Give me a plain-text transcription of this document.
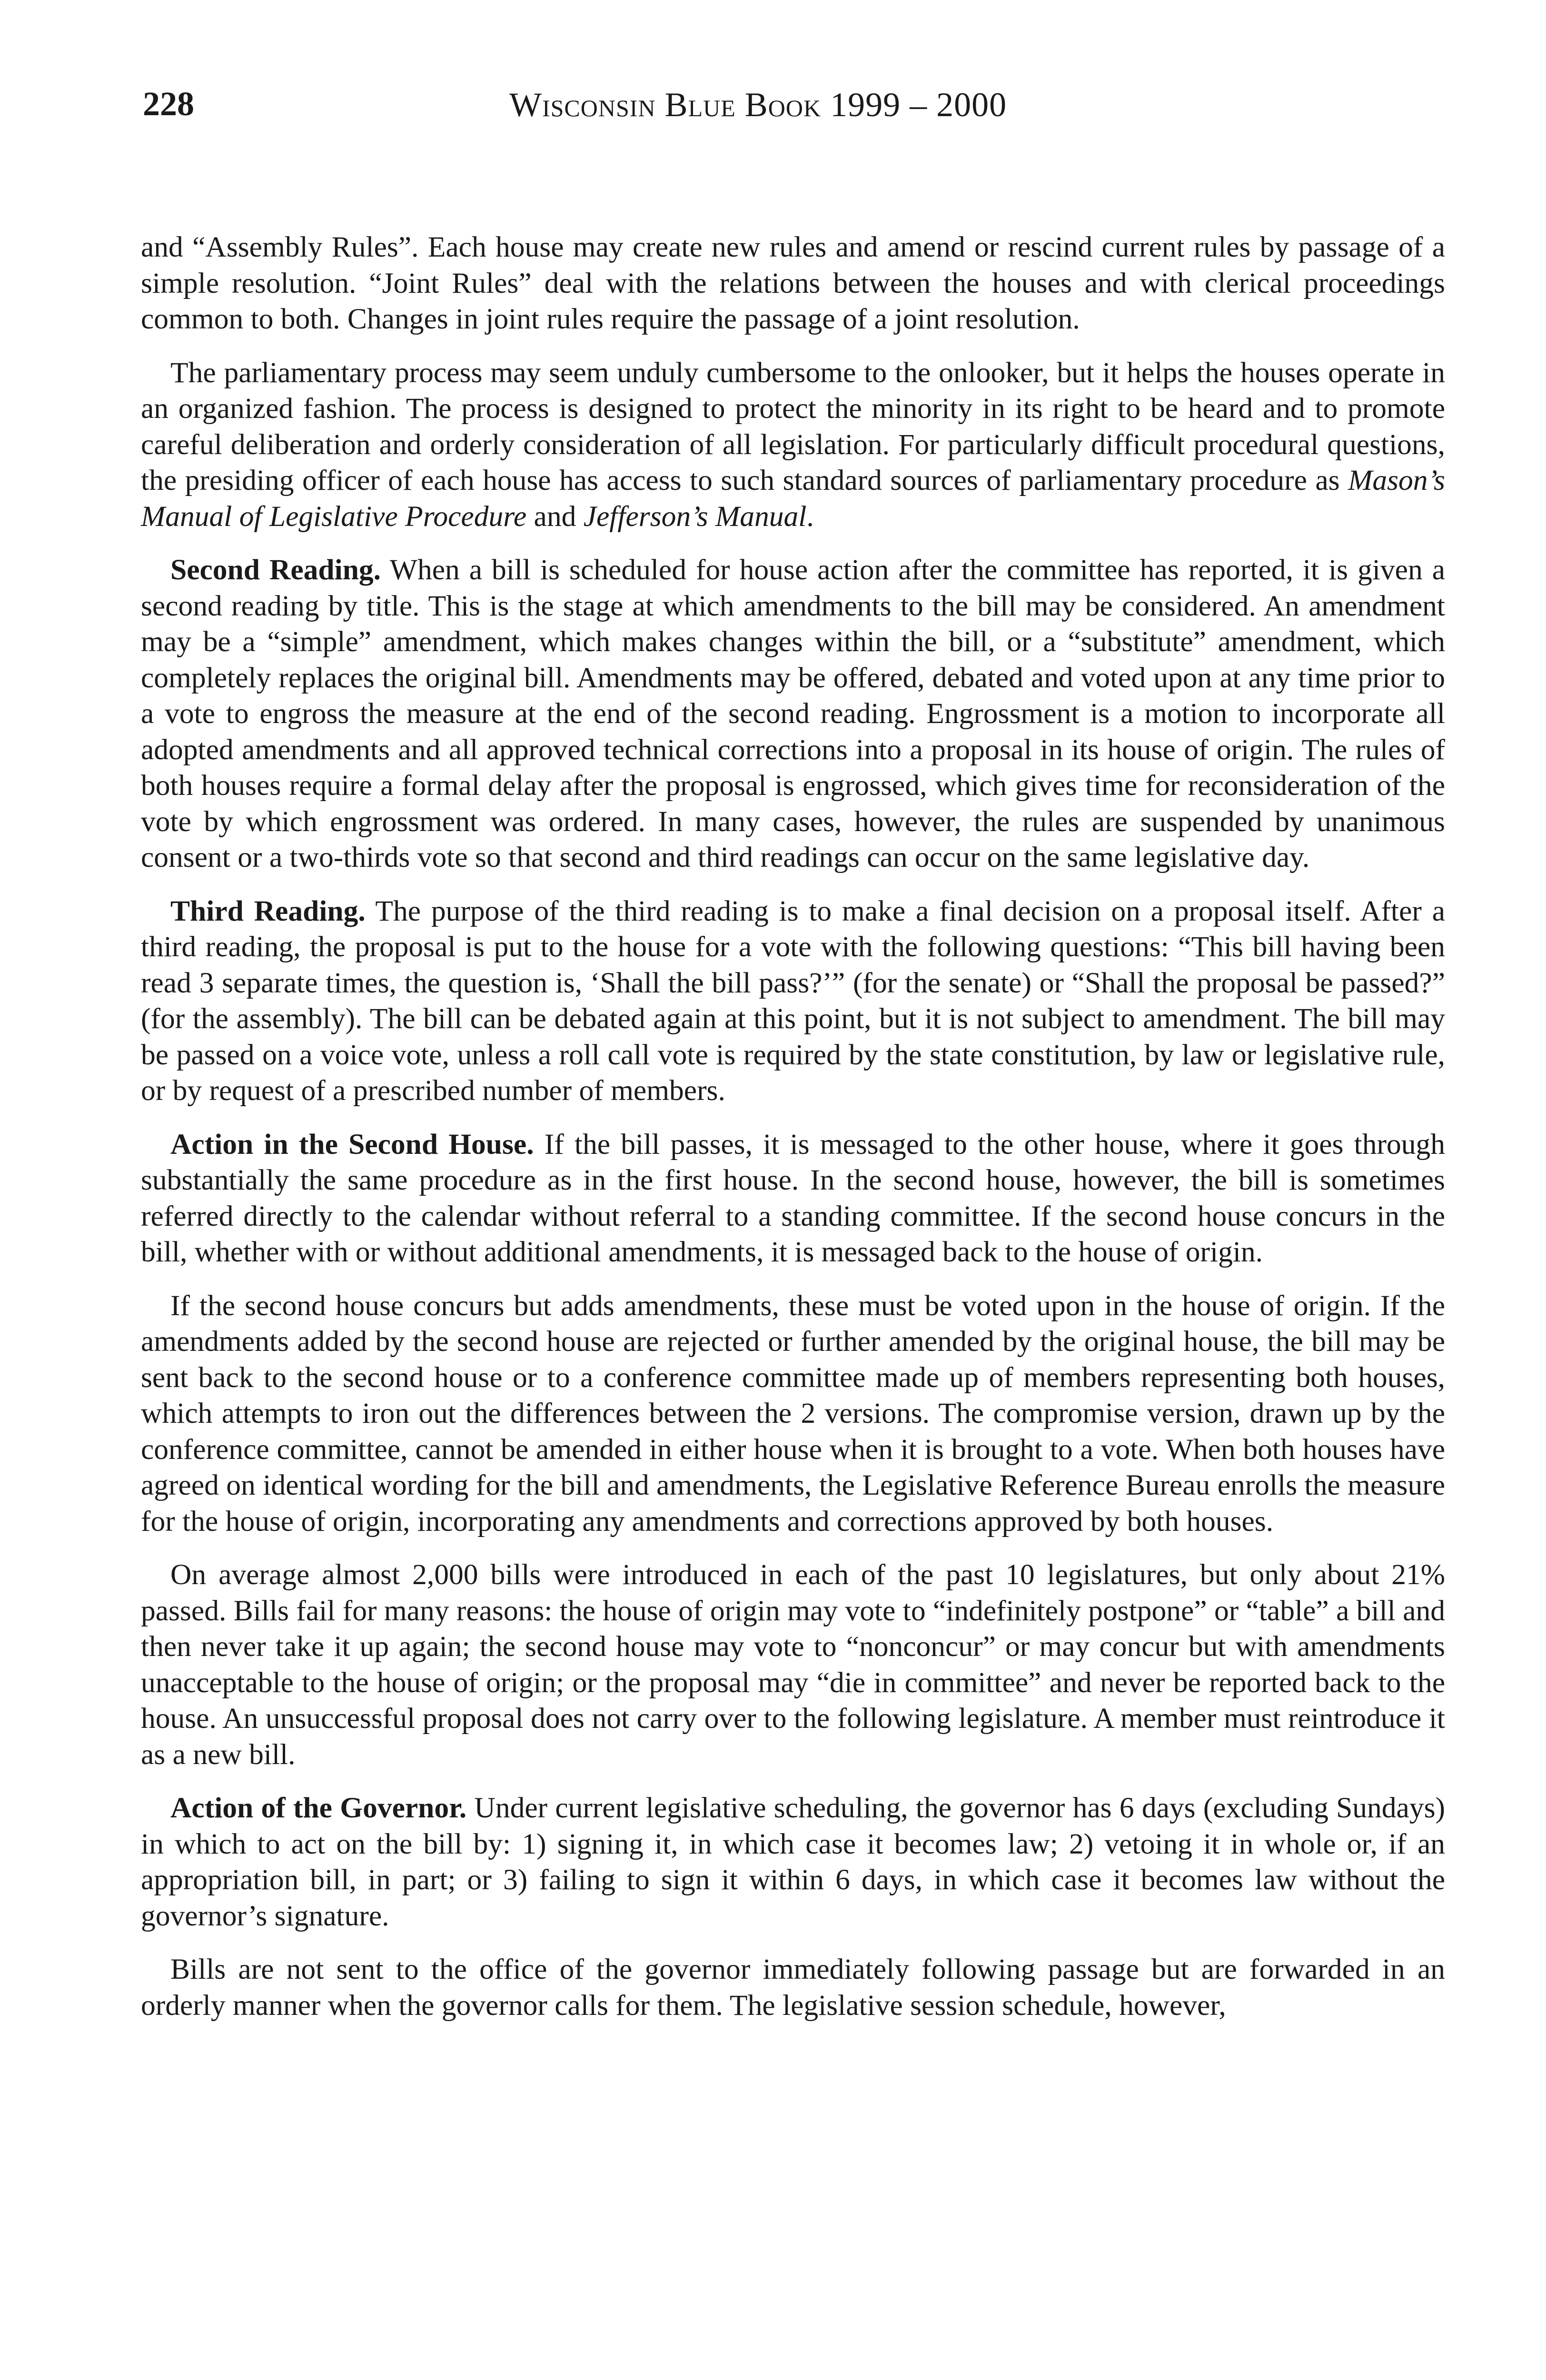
228	Wisconsin Blue Book 1999 – 2000

and “Assembly Rules”. Each house may create new rules and amend or rescind current rules by passage of a simple resolution. “Joint Rules” deal with the relations between the houses and with clerical proceedings common to both. Changes in joint rules require the passage of a joint resolution.

The parliamentary process may seem unduly cumbersome to the onlooker, but it helps the houses operate in an organized fashion. The process is designed to protect the minority in its right to be heard and to promote careful deliberation and orderly consideration of all legislation. For particularly difficult procedural questions, the presiding officer of each house has access to such standard sources of parliamentary procedure as Mason’s Manual of Legislative Procedure and Jefferson’s Manual.

Second Reading. When a bill is scheduled for house action after the committee has reported, it is given a second reading by title. This is the stage at which amendments to the bill may be considered. An amendment may be a “simple” amendment, which makes changes within the bill, or a “substitute” amendment, which completely replaces the original bill. Amendments may be offered, debated and voted upon at any time prior to a vote to engross the measure at the end of the second reading. Engrossment is a motion to incorporate all adopted amendments and all approved technical corrections into a proposal in its house of origin. The rules of both houses require a formal delay after the proposal is engrossed, which gives time for reconsideration of the vote by which engrossment was ordered. In many cases, however, the rules are suspended by unanimous consent or a two-thirds vote so that second and third readings can occur on the same legislative day.

Third Reading. The purpose of the third reading is to make a final decision on a proposal itself. After a third reading, the proposal is put to the house for a vote with the following questions: “This bill having been read 3 separate times, the question is, ‘Shall the bill pass?’” (for the senate) or “Shall the proposal be passed?” (for the assembly). The bill can be debated again at this point, but it is not subject to amendment. The bill may be passed on a voice vote, unless a roll call vote is required by the state constitution, by law or legislative rule, or by request of a prescribed number of members.

Action in the Second House. If the bill passes, it is messaged to the other house, where it goes through substantially the same procedure as in the first house. In the second house, however, the bill is sometimes referred directly to the calendar without referral to a standing committee. If the second house concurs in the bill, whether with or without additional amendments, it is messaged back to the house of origin.

If the second house concurs but adds amendments, these must be voted upon in the house of origin. If the amendments added by the second house are rejected or further amended by the original house, the bill may be sent back to the second house or to a conference committee made up of members representing both houses, which attempts to iron out the differences between the 2 versions. The compromise version, drawn up by the conference committee, cannot be amended in either house when it is brought to a vote. When both houses have agreed on identical wording for the bill and amendments, the Legislative Reference Bureau enrolls the measure for the house of origin, incorporating any amendments and corrections approved by both houses.

On average almost 2,000 bills were introduced in each of the past 10 legislatures, but only about 21% passed. Bills fail for many reasons: the house of origin may vote to “indefinitely postpone” or “table” a bill and then never take it up again; the second house may vote to “nonconcur” or may concur but with amendments unacceptable to the house of origin; or the proposal may “die in committee” and never be reported back to the house. An unsuccessful proposal does not carry over to the following legislature. A member must reintroduce it as a new bill.

Action of the Governor. Under current legislative scheduling, the governor has 6 days (excluding Sundays) in which to act on the bill by: 1) signing it, in which case it becomes law; 2) vetoing it in whole or, if an appropriation bill, in part; or 3) failing to sign it within 6 days, in which case it becomes law without the governor’s signature.

Bills are not sent to the office of the governor immediately following passage but are forwarded in an orderly manner when the governor calls for them. The legislative session schedule, however,
